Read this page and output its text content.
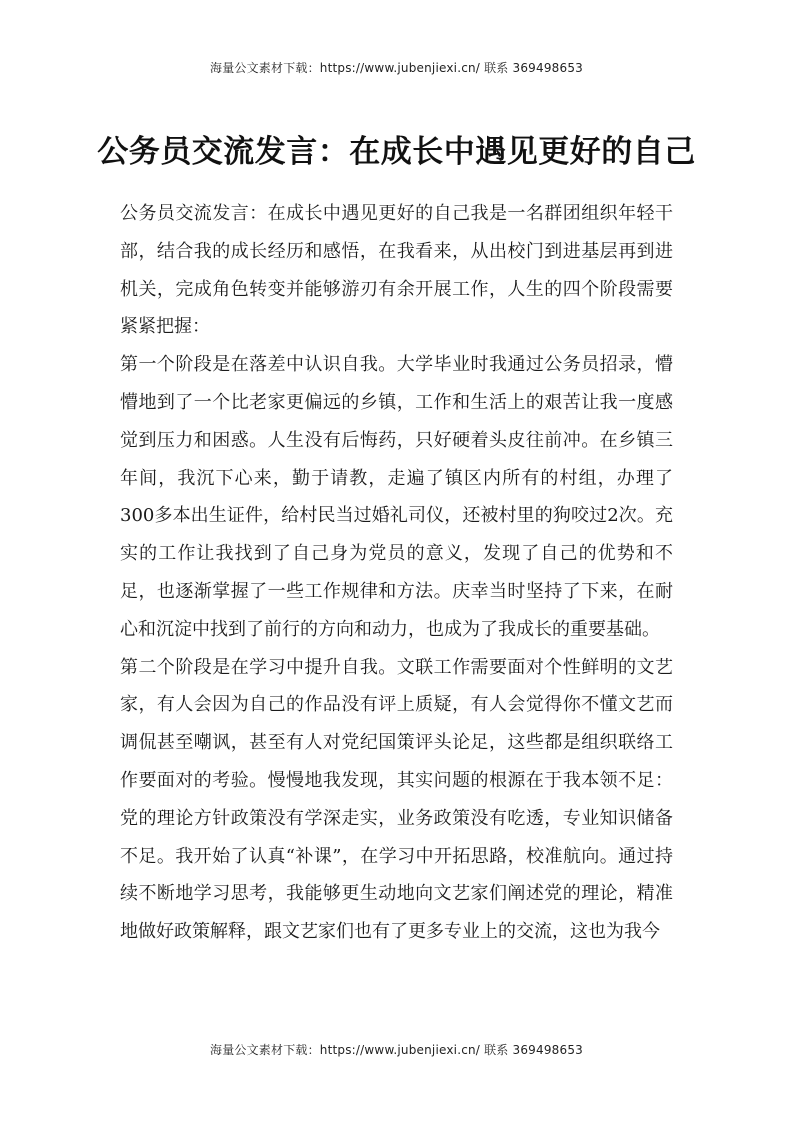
海量公文素材下载：https://www.jubenjiexi.cn/ 联系 369498653
公务员交流发言：在成长中遇见更好的自己

公务员交流发言：在成长中遇见更好的自己我是一名群团组织年轻干部，结合我的成长经历和感悟，在我看来，从出校门到进基层再到进机关，完成角色转变并能够游刃有余开展工作，人生的四个阶段需要紧紧把握：

第一个阶段是在落差中认识自我。大学毕业时我通过公务员招录，懵懵地到了一个比老家更偏远的乡镇，工作和生活上的艰苦让我一度感觉到压力和困惑。人生没有后悔药，只好硬着头皮往前冲。在乡镇三年间，我沉下心来，勤于请教，走遍了镇区内所有的村组，办理了300多本出生证件，给村民当过婚礼司仪，还被村里的狗咬过2次。充实的工作让我找到了自己身为党员的意义，发现了自己的优势和不足，也逐渐掌握了一些工作规律和方法。庆幸当时坚持了下来，在耐心和沉淀中找到了前行的方向和动力，也成为了我成长的重要基础。

第二个阶段是在学习中提升自我。文联工作需要面对个性鲜明的文艺家，有人会因为自己的作品没有评上质疑，有人会觉得你不懂文艺而调侃甚至嘲讽，甚至有人对党纪国策评头论足，这些都是组织联络工作要面对的考验。慢慢地我发现，其实问题的根源在于我本领不足：党的理论方针政策没有学深走实，业务政策没有吃透，专业知识储备不足。我开始了认真“补课”，在学习中开拓思路，校准航向。通过持续不断地学习思考，我能够更生动地向文艺家们阐述党的理论，精准地做好政策解释，跟文艺家们也有了更多专业上的交流，这也为我今

海量公文素材下载：https://www.jubenjiexi.cn/ 联系 369498653
